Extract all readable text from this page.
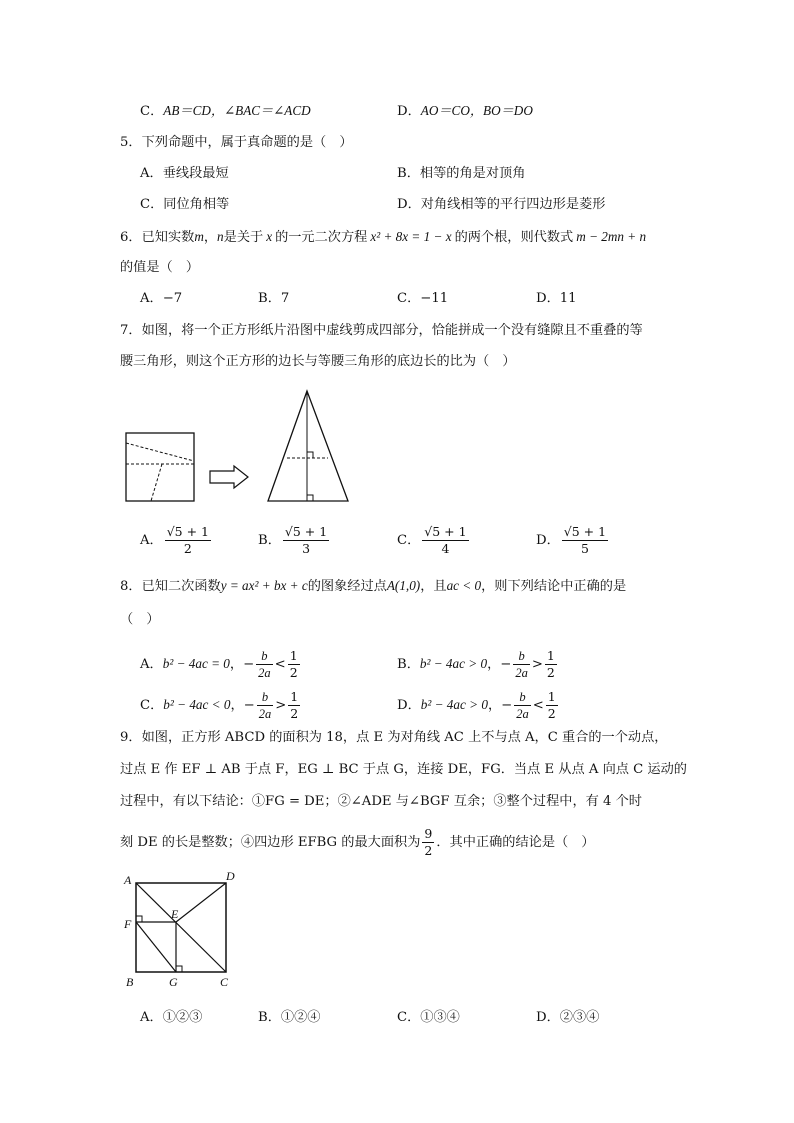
C．AB＝CD，∠BAC＝∠ACD	D．AO＝CO，BO＝DO
5．下列命题中，属于真命题的是（　）
A．垂线段最短	B．相等的角是对顶角
C．同位角相等	D．对角线相等的平行四边形是菱形
6．已知实数m，n是关于 x 的一元二次方程 x² + 8x = 1 − x 的两个根，则代数式 m − 2mn + n
的值是（　）
A．−7	B．7	C．−11	D．11
7．如图，将一个正方形纸片沿图中虚线剪成四部分，恰能拼成一个没有缝隙且不重叠的等
腰三角形，则这个正方形的边长与等腰三角形的底边长的比为（　）
A． $\frac{√5 + 1}{2}$	B． $\frac{√5 + 1}{3}$	C． $\frac{√5 + 1}{4}$	D． $\frac{√5 + 1}{5}$
8．已知二次函数y = ax² + bx + c的图象经过点A(1,0)，且ac < 0，则下列结论中正确的是
（　）
A．b² − 4ac = 0，− $\frac{b}{2a} < \frac{1}{2}$	B．b² − 4ac > 0，− $\frac{b}{2a} > \frac{1}{2}$
C．b² − 4ac < 0，− $\frac{b}{2a} > \frac{1}{2}$	D．b² − 4ac > 0，− $\frac{b}{2a} < \frac{1}{2}$
9．如图，正方形 ABCD 的面积为 18，点 E 为对角线 AC 上不与点 A，C 重合的一个动点，
过点 E 作 EF ⊥ AB 于点 F，EG ⊥ BC 于点 G，连接 DE，FG．当点 E 从点 A 向点 C 运动的
过程中，有以下结论：①FG = DE；②∠ADE 与∠BGF 互余；③整个过程中，有 4 个时
刻 DE 的长是整数；④四边形 EFBG 的最大面积为 $\frac{9}{2}$ ．其中正确的结论是（　）
A	D
E
F
B	G	C
A．①②③	B．①②④	C．①③④	D．②③④
